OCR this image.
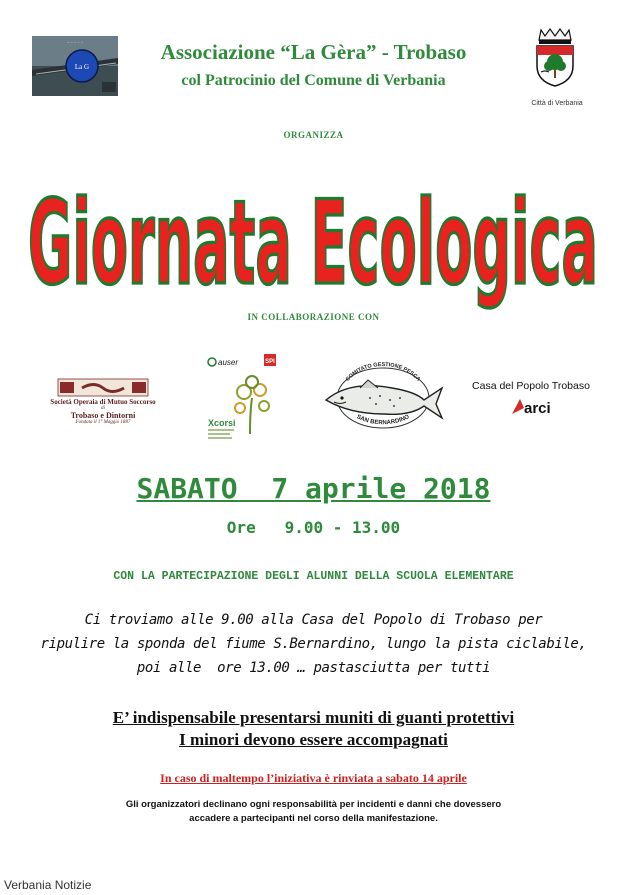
La G
~ ~ ~ ~ ~	Associazione “La Gèra” - Trobaso
col Patrocinio del Comune di Verbania
Città di Verbania
ORGANIZZA
Giornata Ecologica
IN COLLABORAZIONE CON
Società Operaia di Mutuo Soccorso
di
Trobaso e Dintorni
Fondata il 1° Maggio 1887
auser	SPI
Xcorsi
COMITATO GESTIONE PESCA
SAN BERNARDINO
Casa del Popolo Trobaso
arci
SABATO  7 aprile 2018
Ore   9.00 - 13.00
CON LA PARTECIPAZIONE DEGLI ALUNNI DELLA SCUOLA ELEMENTARE
Ci troviamo alle 9.00 alla Casa del Popolo di Trobaso per
ripulire la sponda del fiume S.Bernardino, lungo la pista ciclabile,
poi alle  ore 13.00 … pastasciutta per tutti
E’ indispensabile presentarsi muniti di guanti protettivi
I minori devono essere accompagnati
In caso di maltempo l’iniziativa è rinviata a sabato 14 aprile
Gli organizzatori declinano ogni responsabilità per incidenti e danni che dovessero
accadere a partecipanti nel corso della manifestazione.
Verbania Notizie
